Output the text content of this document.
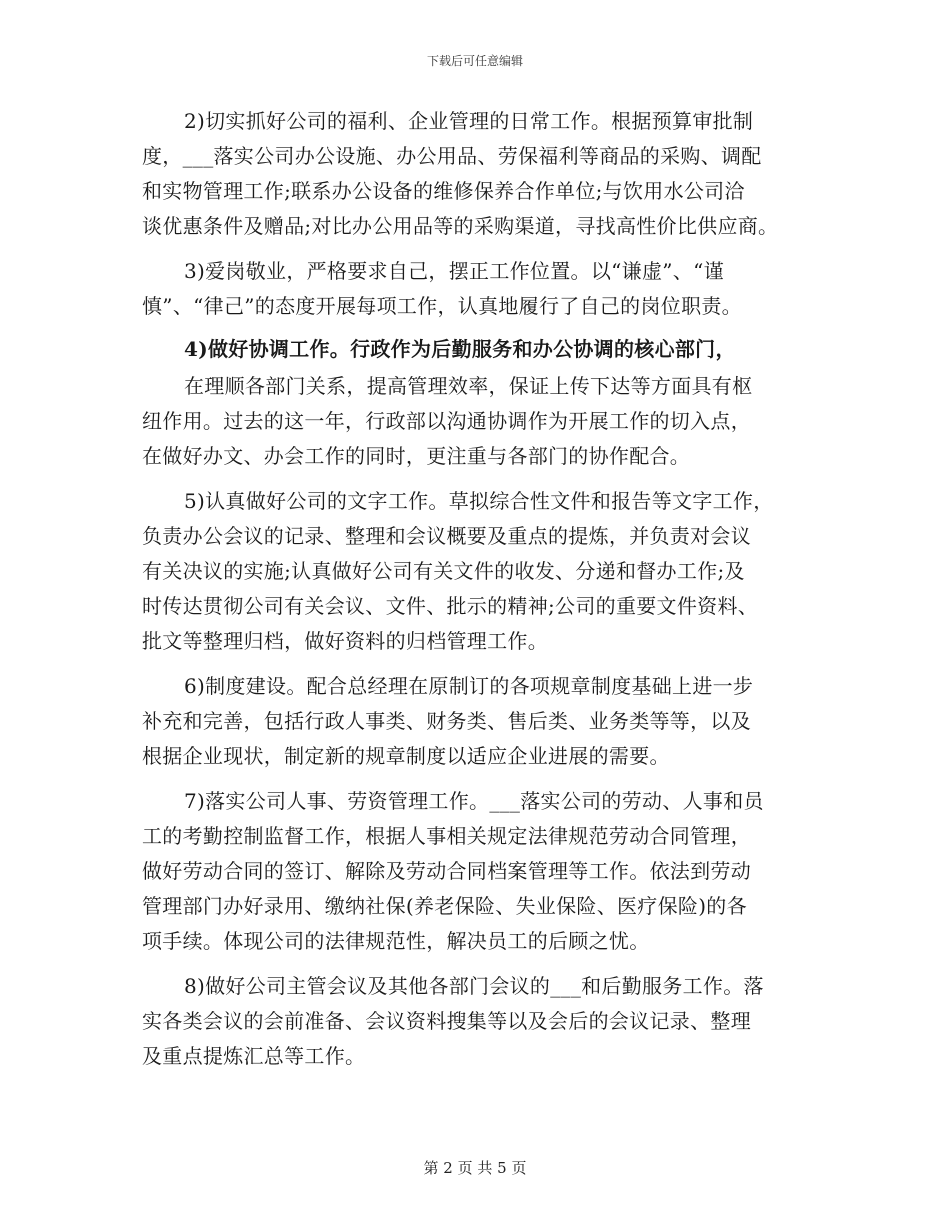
下载后可任意编辑

2)切实抓好公司的福利、企业管理的日常工作。根据预算审批制
度，___落实公司办公设施、办公用品、劳保福利等商品的采购、调配
和实物管理工作;联系办公设备的维修保养合作单位;与饮用水公司洽
谈优惠条件及赠品;对比办公用品等的采购渠道，寻找高性价比供应商。

3)爱岗敬业，严格要求自己，摆正工作位置。以“谦虚”、“谨
慎”、“律己”的态度开展每项工作，认真地履行了自己的岗位职责。

4)做好协调工作。行政作为后勤服务和办公协调的核心部门，

在理顺各部门关系，提高管理效率，保证上传下达等方面具有枢
纽作用。过去的这一年，行政部以沟通协调作为开展工作的切入点，
在做好办文、办会工作的同时，更注重与各部门的协作配合。

5)认真做好公司的文字工作。草拟综合性文件和报告等文字工作，
负责办公会议的记录、整理和会议概要及重点的提炼，并负责对会议
有关决议的实施;认真做好公司有关文件的收发、分递和督办工作;及
时传达贯彻公司有关会议、文件、批示的精神;公司的重要文件资料、
批文等整理归档，做好资料的归档管理工作。

6)制度建设。配合总经理在原制订的各项规章制度基础上进一步
补充和完善，包括行政人事类、财务类、售后类、业务类等等，以及
根据企业现状，制定新的规章制度以适应企业进展的需要。

7)落实公司人事、劳资管理工作。___落实公司的劳动、人事和员
工的考勤控制监督工作，根据人事相关规定法律规范劳动合同管理，
做好劳动合同的签订、解除及劳动合同档案管理等工作。依法到劳动
管理部门办好录用、缴纳社保(养老保险、失业保险、医疗保险)的各
项手续。体现公司的法律规范性，解决员工的后顾之忧。

8)做好公司主管会议及其他各部门会议的___和后勤服务工作。落
实各类会议的会前准备、会议资料搜集等以及会后的会议记录、整理
及重点提炼汇总等工作。

第 2 页 共 5 页
